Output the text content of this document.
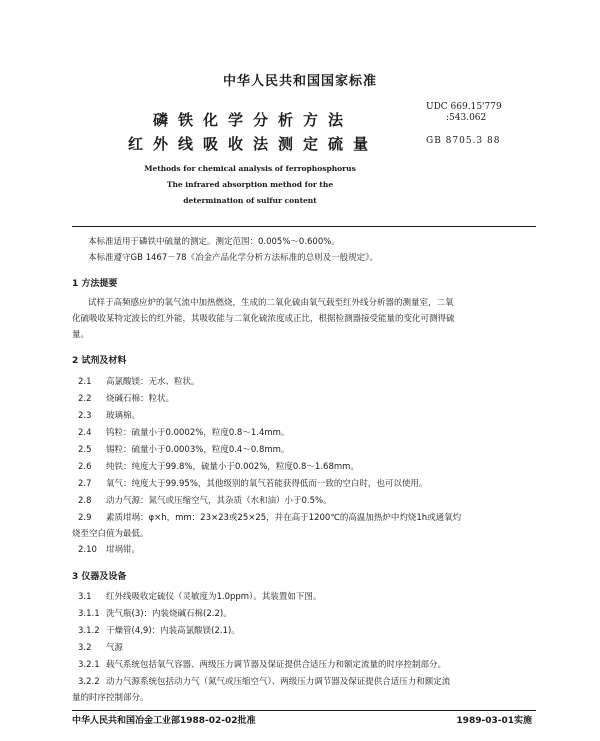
中华人民共和国国家标准
磷铁化学分析方法
红外线吸收法测定硫量
UDC 669.15'779
:543.062
GB 8705.3 88
Methods for chemical analysis of ferrophosphorus
The infrared absorption method for the
determination of sulfur content
本标准适用于磷铁中硫量的测定。测定范围：0.005%～0.600%。
本标准遵守GB 1467－78《冶金产品化学分析方法标准的总则及一般规定》。
1 方法提要
试样于高频感应炉的氧气流中加热燃烧，生成的二氧化硫由氧气载至红外线分析器的测量室，二氧
化硫吸收某特定波长的红外能，其吸收能与二氧化硫浓度成正比，根据检测器接受能量的变化可测得硫
量。
2 试剂及材料
2.1 高氯酸镁：无水、粒状。
2.2 烧碱石棉：粒状。
2.3 玻璃棉。
2.4 钨粒：硫量小于0.0002%，粒度0.8～1.4mm。
2.5 锡粒：硫量小于0.0003%，粒度0.4～0.8mm。
2.6 纯铁：纯度大于99.8%，硫量小于0.002%，粒度0.8～1.68mm。
2.7 氧气：纯度大于99.95%，其他级别的氧气若能获得低而一致的空白时，也可以使用。
2.8 动力气源：氮气或压缩空气，其杂质（水和油）小于0.5%。
2.9 素质坩埚：φ×h，mm：23×23或25×25，并在高于1200℃的高温加热炉中灼烧1h或通氧灼
烧至空白值为最低。
2.10 坩埚钳。
3 仪器及设备
3.1 红外线吸收定硫仪（灵敏度为1.0ppm）。其装置如下图。
3.1.1 洗气瓶(3)：内装烧碱石棉(2.2)。
3.1.2 干燥管(4,9)：内装高氯酸镁(2.1)。
3.2 气源
3.2.1 载气系统包括氧气容器、两级压力调节器及保证提供合适压力和额定流量的时序控制部分。
3.2.2 动力气源系统包括动力气（氮气或压缩空气）、两级压力调节器及保证提供合适压力和额定流
量的时序控制部分。
中华人民共和国冶金工业部1988-02-02批准	1989-03-01实施
